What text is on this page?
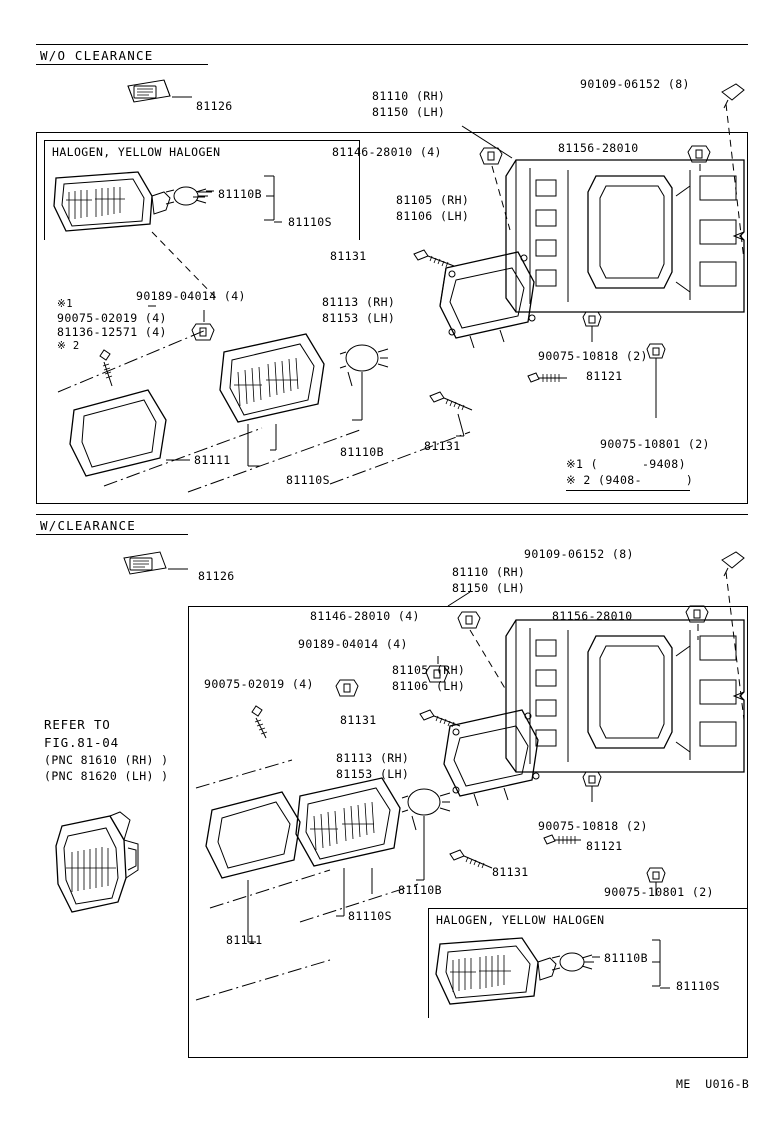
W/O CLEARANCE
W/CLEARANCE
HALOGEN, YELLOW HALOGEN
81126
81110 (RH)
81150 (LH)
90109-06152 (8)
81146-28010 (4)	81156-28010
81110B
81110S
81105 (RH)
81106 (LH)
81131
81113 (RH)
81153 (LH)
90189-04014 (4)
※1
90075-02019 (4)
81136-12571 (4)
※ 2
90075-10818 (2)
81121
81131	90075-10801 (2)
81111
81110B
81110S
※1 (      -9408)
※ 2 (9408-      )
HALOGEN, YELLOW HALOGEN
81126	81110 (RH)
81150 (LH)
90109-06152 (8)
81146-28010 (4)	81156-28010
90189-04014 (4)
90075-02019 (4)
81105 (RH)
81106 (LH)
81131
81113 (RH)
81153 (LH)
90075-10818 (2)
81121
81131
90075-10801 (2)
81111
81110B
81110S
81110B
81110S
REFER TO
FIG.81-04
(PNC 81610 (RH) )
(PNC 81620 (LH) )
ME  U016-B
